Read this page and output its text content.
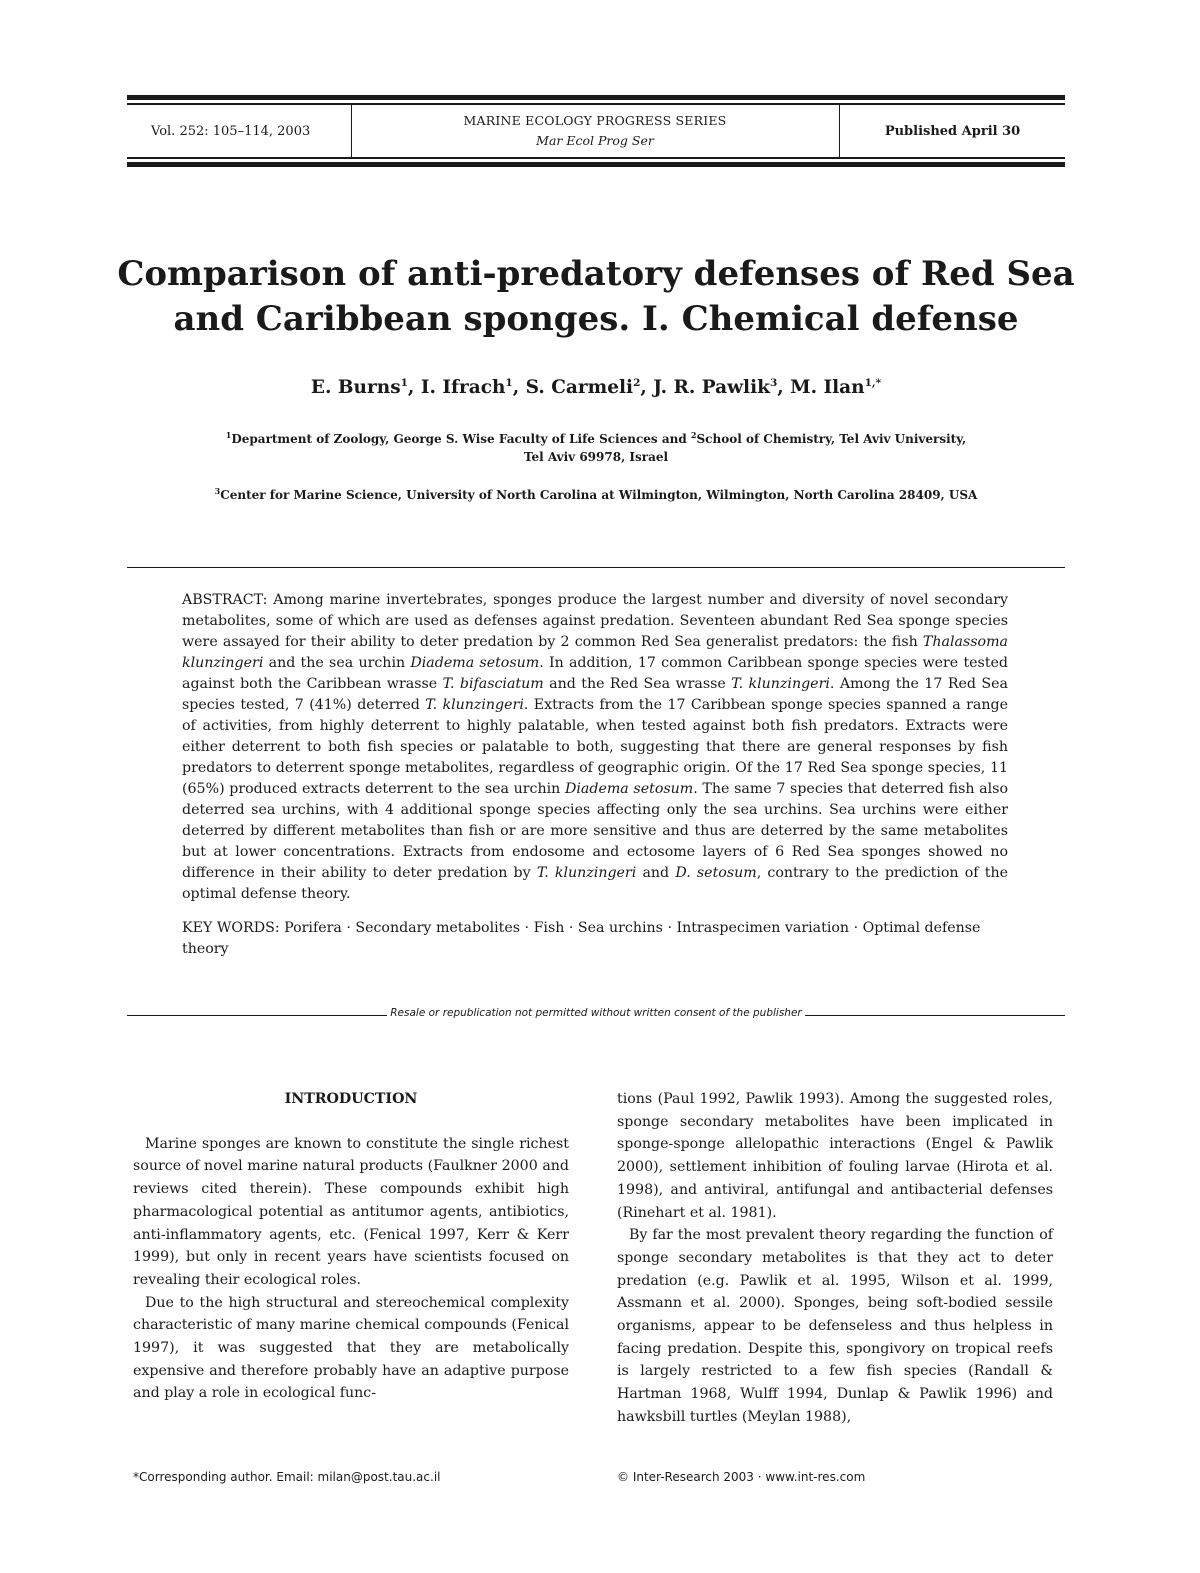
Vol. 252: 105–114, 2003
MARINE ECOLOGY PROGRESS SERIES
Mar Ecol Prog Ser
Published April 30
Comparison of anti-predatory defenses of Red Sea
and Caribbean sponges. I. Chemical defense
E. Burns$^1$, I. Ifrach$^1$, S. Carmeli$^2$, J. R. Pawlik$^3$, M. Ilan$^{1,*}$
$^1$Department of Zoology, George S. Wise Faculty of Life Sciences and $^2$School of Chemistry, Tel Aviv University,
Tel Aviv 69978, Israel
$^3$Center for Marine Science, University of North Carolina at Wilmington, Wilmington, North Carolina 28409, USA

ABSTRACT: Among marine invertebrates, sponges produce the largest number and diversity of novel secondary metabolites, some of which are used as defenses against predation. Seventeen abundant Red Sea sponge species were assayed for their ability to deter predation by 2 common Red Sea generalist predators: the fish Thalassoma klunzingeri and the sea urchin Diadema setosum. In addition, 17 common Caribbean sponge species were tested against both the Caribbean wrasse T. bifasciatum and the Red Sea wrasse T. klunzingeri. Among the 17 Red Sea species tested, 7 (41%) deterred T. klunzingeri. Extracts from the 17 Caribbean sponge species spanned a range of activities, from highly deterrent to highly palatable, when tested against both fish predators. Extracts were either deterrent to both fish species or palatable to both, suggesting that there are general responses by fish predators to deterrent sponge metabolites, regardless of geographic origin. Of the 17 Red Sea sponge species, 11 (65%) produced extracts deterrent to the sea urchin Diadema setosum. The same 7 species that deterred fish also deterred sea urchins, with 4 additional sponge species affecting only the sea urchins. Sea urchins were either deterred by different metabolites than fish or are more sensitive and thus are deterred by the same metabolites but at lower concentrations. Extracts from endosome and ectosome layers of 6 Red Sea sponges showed no difference in their ability to deter predation by T. klunzingeri and D. setosum, contrary to the prediction of the optimal defense theory.

KEY WORDS: Porifera · Secondary metabolites · Fish · Sea urchins · Intraspecimen variation · Optimal defense theory

Resale or republication not permitted without written consent of the publisher
INTRODUCTION

Marine sponges are known to constitute the single richest source of novel marine natural products (Faulkner 2000 and reviews cited therein). These compounds exhibit high pharmacological potential as antitumor agents, antibiotics, anti-inflammatory agents, etc. (Fenical 1997, Kerr & Kerr 1999), but only in recent years have scientists focused on revealing their ecological roles.

Due to the high structural and stereochemical complexity characteristic of many marine chemical compounds (Fenical 1997), it was suggested that they are metabolically expensive and therefore probably have an adaptive purpose and play a role in ecological func-

tions (Paul 1992, Pawlik 1993). Among the suggested roles, sponge secondary metabolites have been implicated in sponge-sponge allelopathic interactions (Engel & Pawlik 2000), settlement inhibition of fouling larvae (Hirota et al. 1998), and antiviral, antifungal and antibacterial defenses (Rinehart et al. 1981).

By far the most prevalent theory regarding the function of sponge secondary metabolites is that they act to deter predation (e.g. Pawlik et al. 1995, Wilson et al. 1999, Assmann et al. 2000). Sponges, being soft-bodied sessile organisms, appear to be defenseless and thus helpless in facing predation. Despite this, spongivory on tropical reefs is largely restricted to a few fish species (Randall & Hartman 1968, Wulff 1994, Dunlap & Pawlik 1996) and hawksbill turtles (Meylan 1988),

*Corresponding author. Email: milan@post.tau.ac.il	© Inter-Research 2003 · www.int-res.com
